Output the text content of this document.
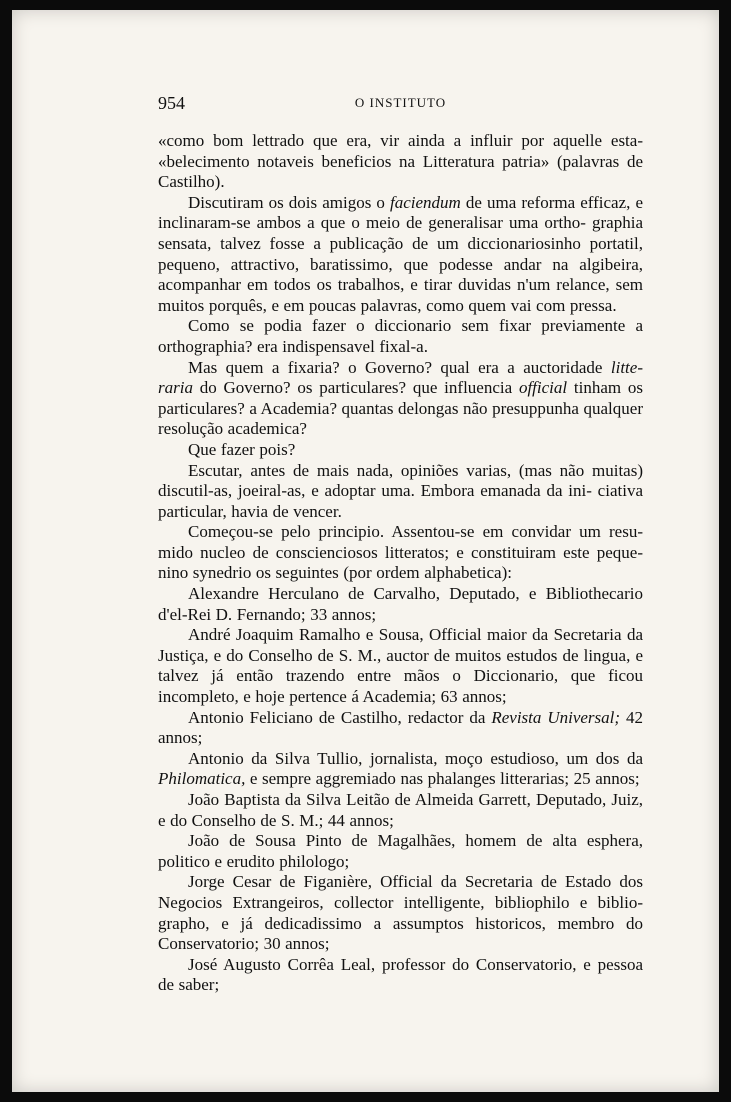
954	O INSTITUTO

«como bom lettrado que era, vir ainda a influir por aquelle esta- «belecimento notaveis beneficios na Litteratura patria» (palavras de Castilho).

Discutiram os dois amigos o faciendum de uma reforma efficaz, e inclinaram-se ambos a que o meio de generalisar uma ortho- graphia sensata, talvez fosse a publicação de um diccionariosinho portatil, pequeno, attractivo, baratissimo, que podesse andar na algibeira, acompanhar em todos os trabalhos, e tirar duvidas n'um relance, sem muitos porquês, e em poucas palavras, como quem vai com pressa.

Como se podia fazer o diccionario sem fixar previamente a orthographia? era indispensavel fixal-a.

Mas quem a fixaria? o Governo? qual era a auctoridade litte- raria do Governo? os particulares? que influencia official tinham os particulares? a Academia? quantas delongas não presuppunha qualquer resolução academica?

Que fazer pois?

Escutar, antes de mais nada, opiniões varias, (mas não muitas) discutil-as, joeiral-as, e adoptar uma. Embora emanada da ini- ciativa particular, havia de vencer.

Começou-se pelo principio. Assentou-se em convidar um resu- mido nucleo de conscienciosos litteratos; e constituiram este peque- nino synedrio os seguintes (por ordem alphabetica):

Alexandre Herculano de Carvalho, Deputado, e Bibliothecario d'el-Rei D. Fernando; 33 annos;

André Joaquim Ramalho e Sousa, Official maior da Secretaria da Justiça, e do Conselho de S. M., auctor de muitos estudos de lingua, e talvez já então trazendo entre mãos o Diccionario, que ficou incompleto, e hoje pertence á Academia; 63 annos;

Antonio Feliciano de Castilho, redactor da Revista Universal; 42 annos;

Antonio da Silva Tullio, jornalista, moço estudioso, um dos da Philomatica, e sempre aggremiado nas phalanges litterarias; 25 annos;

João Baptista da Silva Leitão de Almeida Garrett, Deputado, Juiz, e do Conselho de S. M.; 44 annos;

João de Sousa Pinto de Magalhães, homem de alta esphera, politico e erudito philologo;

Jorge Cesar de Figanière, Official da Secretaria de Estado dos Negocios Extrangeiros, collector intelligente, bibliophilo e biblio- grapho, e já dedicadissimo a assumptos historicos, membro do Conservatorio; 30 annos;

José Augusto Corrêa Leal, professor do Conservatorio, e pessoa de saber;
